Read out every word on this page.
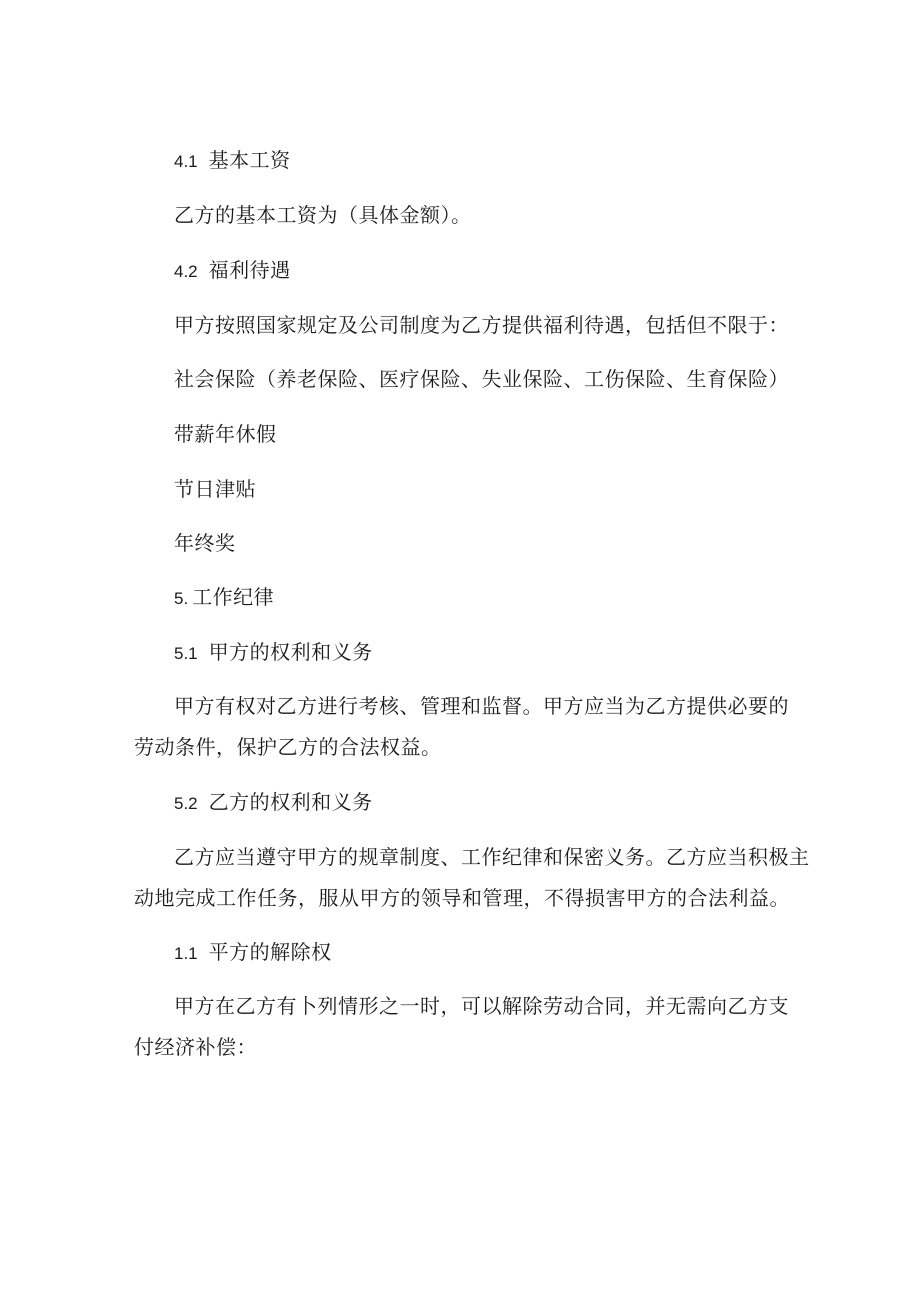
4.1 基本工资
乙方的基本工资为（具体金额）。
4.2 福利待遇
甲方按照国家规定及公司制度为乙方提供福利待遇，包括但不限于：
社会保险（养老保险、医疗保险、失业保险、工伤保险、生育保险）
带薪年休假
节日津贴
年终奖
5. 工作纪律
5.1 甲方的权利和义务
甲方有权对乙方进行考核、管理和监督。甲方应当为乙方提供必要的
劳动条件，保护乙方的合法权益。
5.2 乙方的权利和义务
乙方应当遵守甲方的规章制度、工作纪律和保密义务。乙方应当积极主
动地完成工作任务，服从甲方的领导和管理，不得损害甲方的合法利益。
1.1 平方的解除权
甲方在乙方有卜列情形之一时，可以解除劳动合同，并无需向乙方支
付经济补偿：
